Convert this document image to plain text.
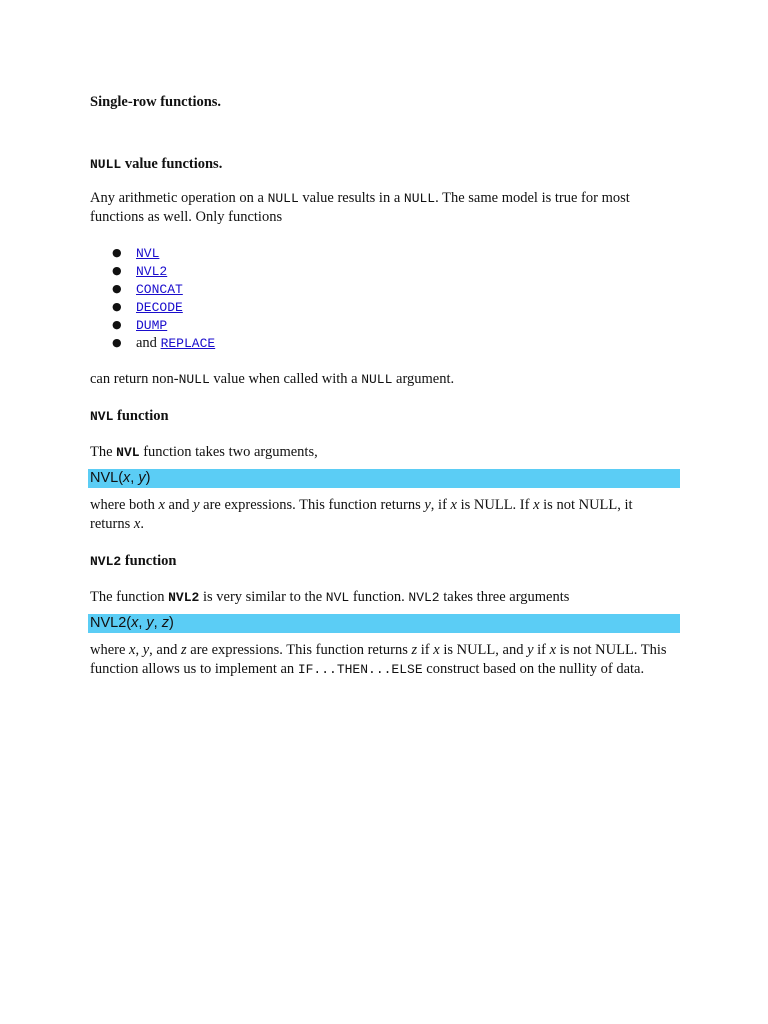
Single-row functions.
NULL value functions.
Any arithmetic operation on a NULL value results in a NULL. The same model is true for most functions as well. Only functions
● NVL
● NVL2
● CONCAT
● DECODE
● DUMP
● and REPLACE
can return non-NULL value when called with a NULL argument.
NVL function
The NVL function takes two arguments,
NVL(x, y)
where both x and y are expressions. This function returns y, if x is NULL. If x is not NULL, it returns x.
NVL2 function
The function NVL2 is very similar to the NVL function. NVL2 takes three arguments
NVL2(x, y, z)
where x, y, and z are expressions. This function returns z if x is NULL, and y if x is not NULL. This function allows us to implement an IF...THEN...ELSE construct based on the nullity of data.
